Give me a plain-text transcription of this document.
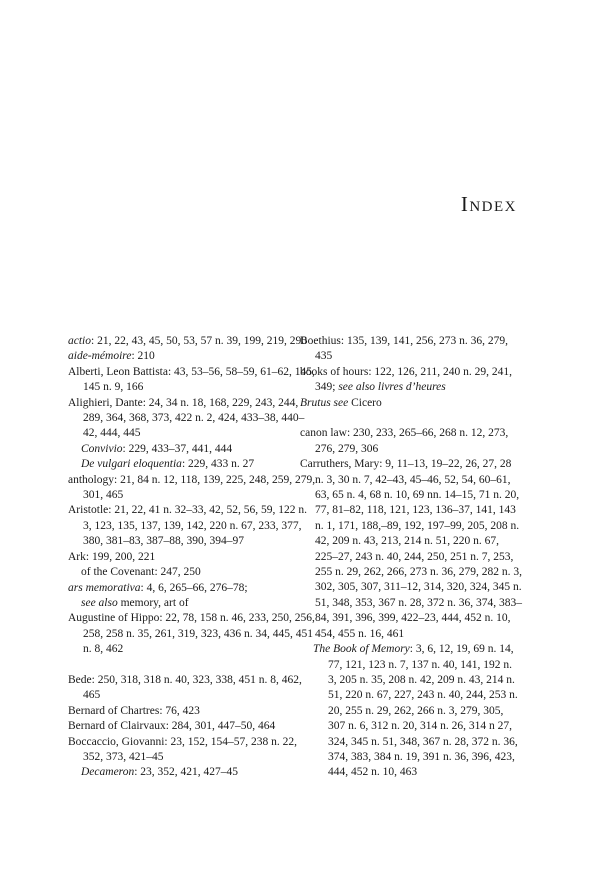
Index

actio: 21, 22, 43, 45, 50, 53, 57 n. 39, 199, 219, 290

aide-mémoire: 210

Alberti, Leon Battista: 43, 53–56, 58–59, 61–62, 145, 145 n. 9, 166

Alighieri, Dante: 24, 34 n. 18, 168, 229, 243, 244, 289, 364, 368, 373, 422 n. 2, 424, 433–38, 440–42, 444, 445

Convivio: 229, 433–37, 441, 444

De vulgari eloquentia: 229, 433 n. 27

anthology: 21, 84 n. 12, 118, 139, 225, 248, 259, 279, 301, 465

Aristotle: 21, 22, 41 n. 32–33, 42, 52, 56, 59, 122 n. 3, 123, 135, 137, 139, 142, 220 n. 67, 233, 377, 380, 381–83, 387–88, 390, 394–97

Ark: 199, 200, 221

of the Covenant: 247, 250

ars memorativa: 4, 6, 265–66, 276–78;

see also memory, art of

Augustine of Hippo: 22, 78, 158 n. 46, 233, 250, 256, 258, 258 n. 35, 261, 319, 323, 436 n. 34, 445, 451 n. 8, 462

Bede: 250, 318, 318 n. 40, 323, 338, 451 n. 8, 462, 465

Bernard of Chartres: 76, 423

Bernard of Clairvaux: 284, 301, 447–50, 464

Boccaccio, Giovanni: 23, 152, 154–57, 238 n. 22, 352, 373, 421–45

Decameron: 23, 352, 421, 427–45

Boethius: 135, 139, 141, 256, 273 n. 36, 279, 435

books of hours: 122, 126, 211, 240 n. 29, 241, 349; see also livres d’heures

Brutus see Cicero

canon law: 230, 233, 265–66, 268 n. 12, 273, 276, 279, 306

Carruthers, Mary: 9, 11–13, 19–22, 26, 27, 28 n. 3, 30 n. 7, 42–43, 45–46, 52, 54, 60–61, 63, 65 n. 4, 68 n. 10, 69 nn. 14–15, 71 n. 20, 77, 81–82, 118, 121, 123, 136–37, 141, 143 n. 1, 171, 188,–89, 192, 197–99, 205, 208 n. 42, 209 n. 43, 213, 214 n. 51, 220 n. 67, 225–27, 243 n. 40, 244, 250, 251 n. 7, 253, 255 n. 29, 262, 266, 273 n. 36, 279, 282 n. 3, 302, 305, 307, 311–12, 314, 320, 324, 345 n. 51, 348, 353, 367 n. 28, 372 n. 36, 374, 383–84, 391, 396, 399, 422–23, 444, 452 n. 10, 454, 455 n. 16, 461

The Book of Memory: 3, 6, 12, 19, 69 n. 14, 77, 121, 123 n. 7, 137 n. 40, 141, 192 n. 3, 205 n. 35, 208 n. 42, 209 n. 43, 214 n. 51, 220 n. 67, 227, 243 n. 40, 244, 253 n. 20, 255 n. 29, 262, 266 n. 3, 279, 305, 307 n. 6, 312 n. 20, 314 n. 26, 314 n 27, 324, 345 n. 51, 348, 367 n. 28, 372 n. 36, 374, 383, 384 n. 19, 391 n. 36, 396, 423, 444, 452 n. 10, 463
